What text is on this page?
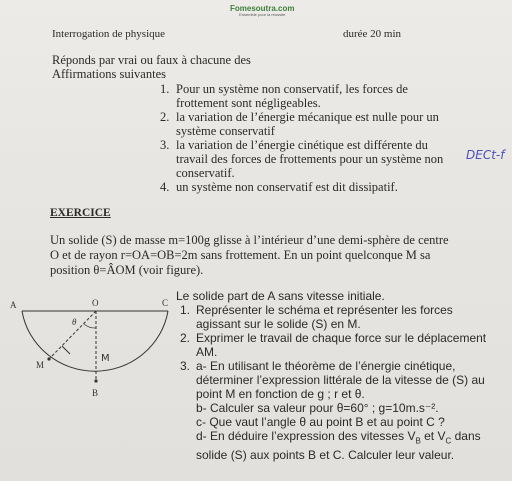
Fomesoutra.com
Ensemble pour la réussite
Interrogation de physique	durée 20 min
Réponds par vrai ou faux à chacune des
Affirmations suivantes
1. Pour un système non conservatif, les forces de
frottement sont négligeables.
2. la variation de l’énergie mécanique est nulle pour un
système conservatif
3. la variation de l’énergie cinétique est différente du
travail des forces de frottements pour un système non
conservatif.
4. un système non conservatif est dit dissipatif.
DECt-f
EXERCICE
Un solide (S) de masse m=100g glisse à l’intérieur d’une demi-sphère de centre
O et de rayon r=OA=OB=2m sans frottement. En un point quelconque M sa
position θ=ÂOM (voir figure).
A	O	C
M
B
θ
M
Le solide part de A sans vitesse initiale.
1. Représenter le schéma et représenter les forces
agissant sur le solide (S) en M.
2. Exprimer le travail de chaque force sur le déplacement
AM.
3. a- En utilisant le théorème de l’énergie cinétique,
déterminer l’expression littérale de la vitesse de (S) au
point M en fonction de g ; r et θ.
b- Calculer sa valeur pour θ=60° ; g=10m.s⁻².
c- Que vaut l’angle θ au point B et au point C ?
d- En déduire l’expression des vitesses $V_B$ et $V_C$ dans
solide (S) aux points B et C. Calculer leur valeur.
